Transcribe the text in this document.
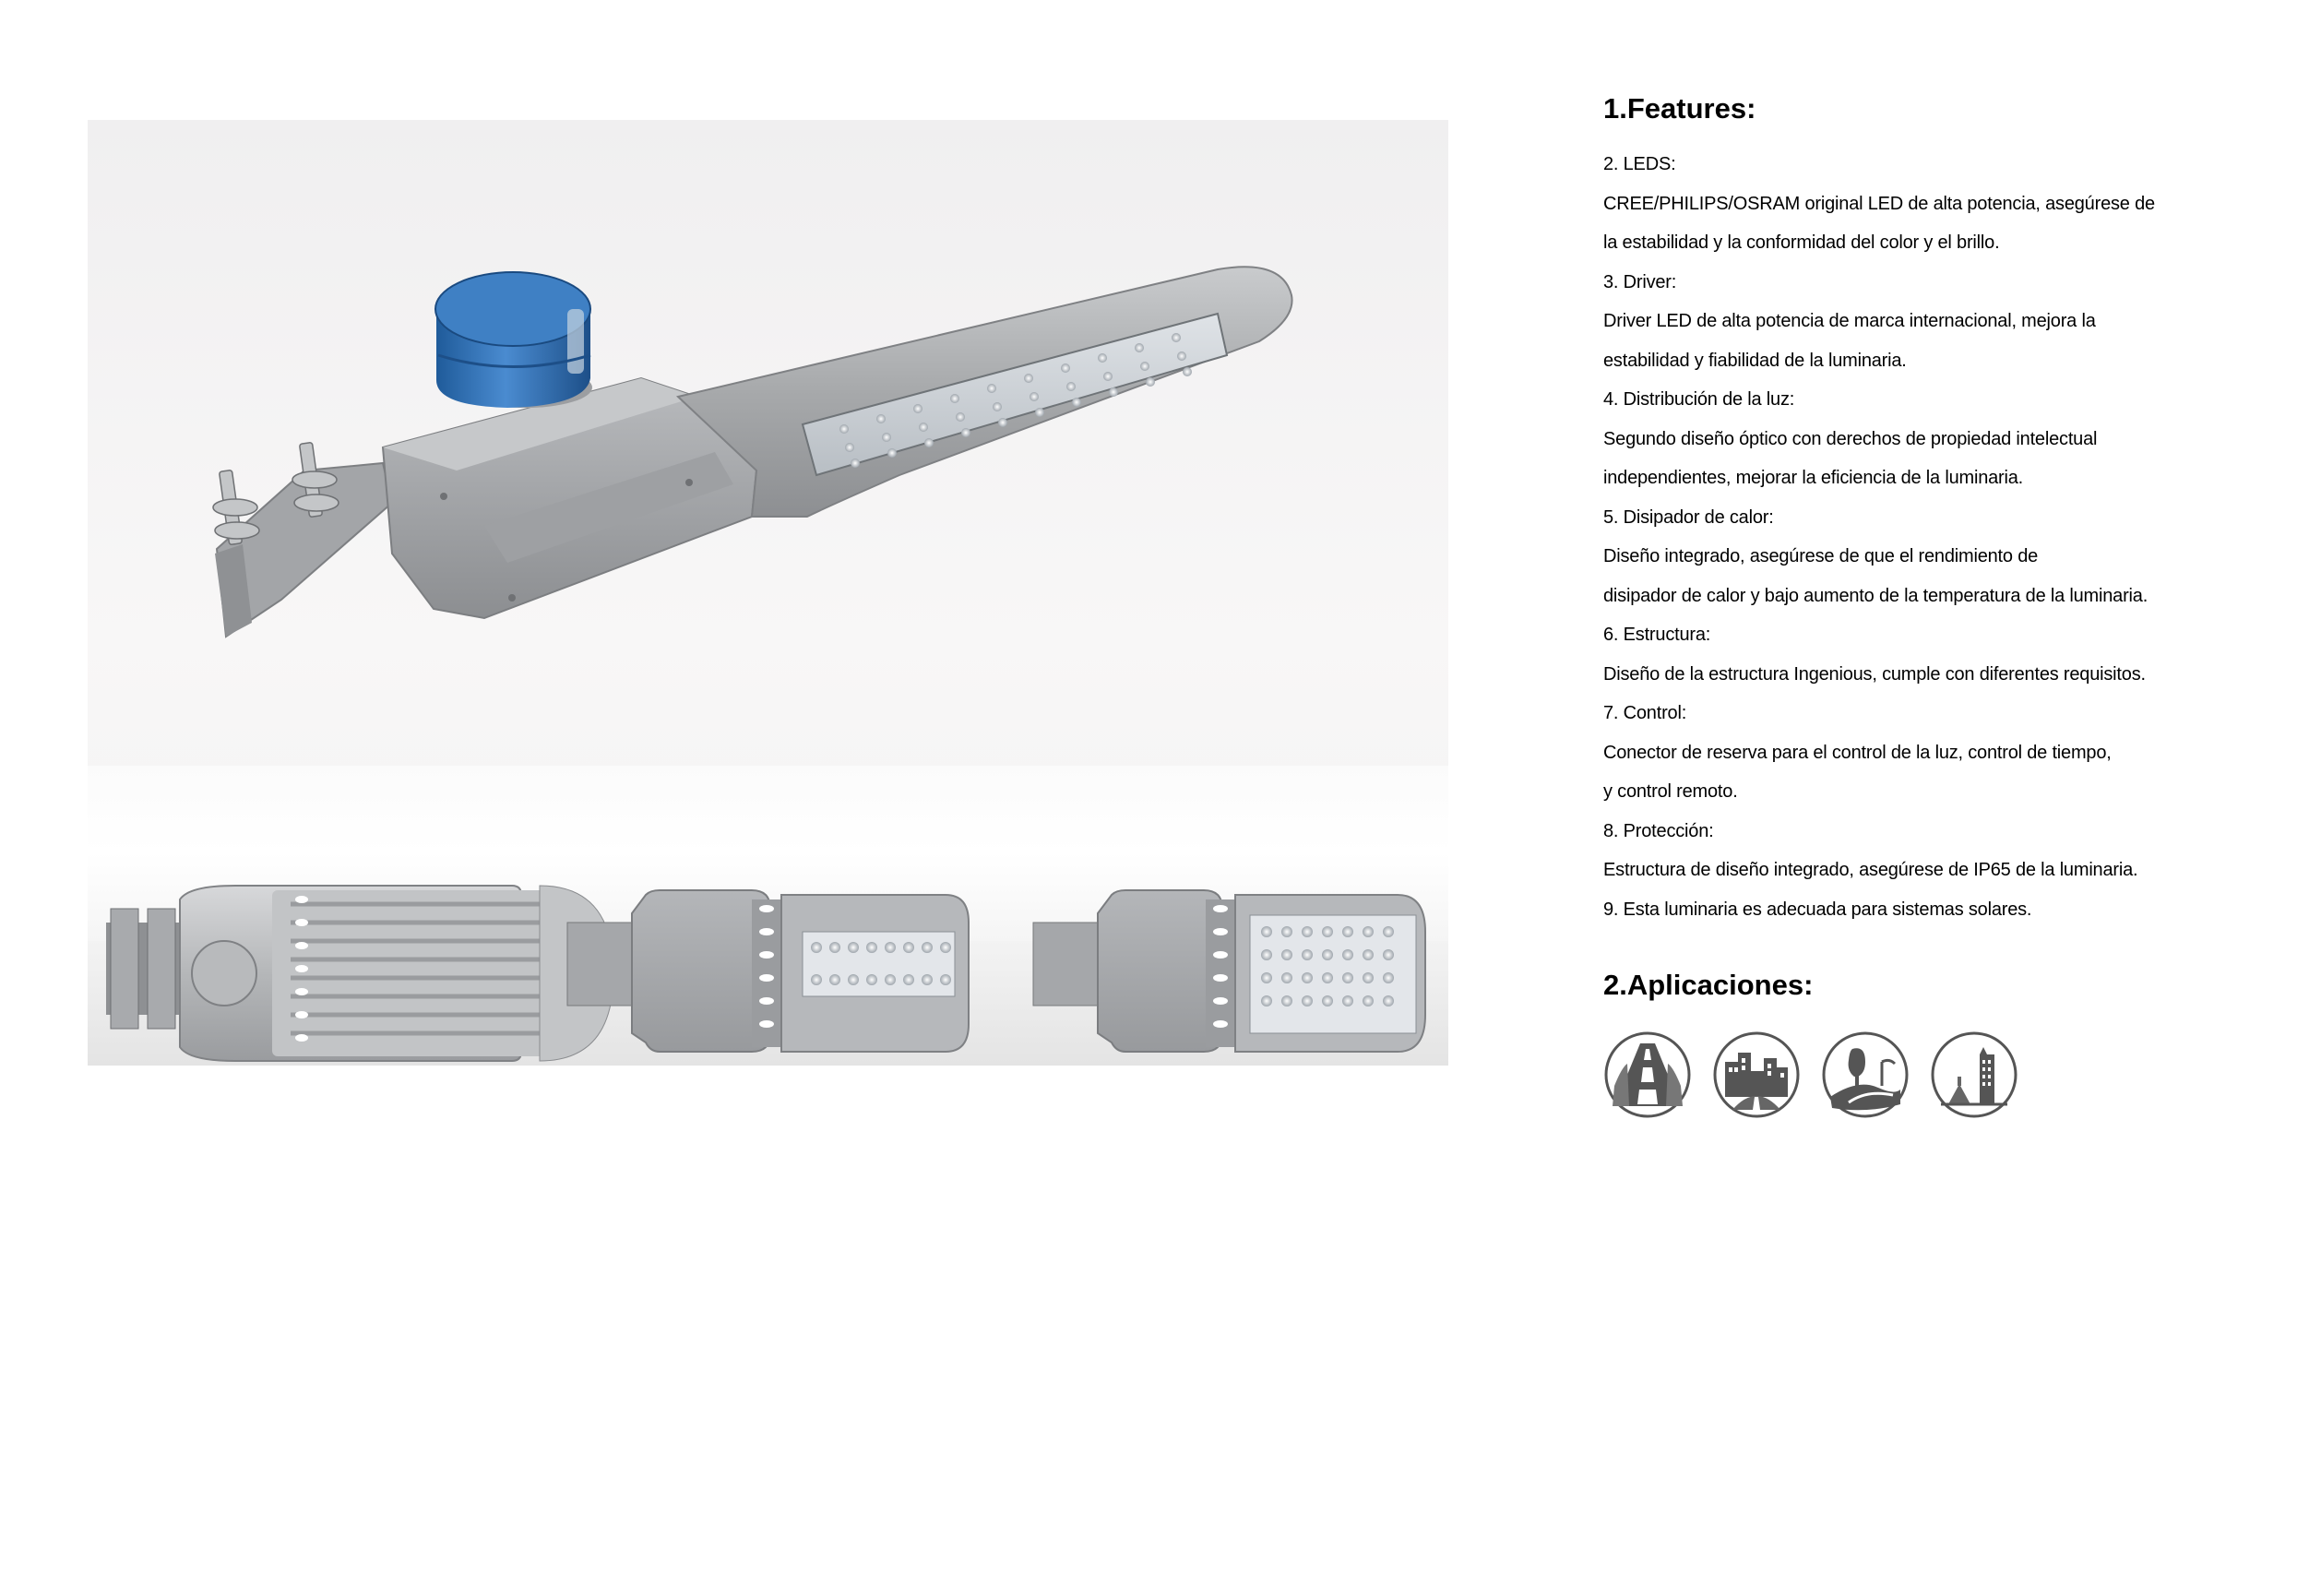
1.Features:
2. LEDS:
CREE/PHILIPS/OSRAM original LED de alta potencia, asegúrese de
la estabilidad y la conformidad del color y el brillo.
3. Driver:
Driver LED de alta potencia de marca internacional, mejora la
estabilidad y fiabilidad de la luminaria.
4. Distribución de la luz:
Segundo diseño óptico con derechos de propiedad intelectual
independientes, mejorar la eficiencia de la luminaria.
5. Disipador de calor:
Diseño integrado, asegúrese de que el rendimiento de
disipador de calor y bajo aumento de la temperatura de la luminaria.
6. Estructura:
Diseño de la estructura Ingenious, cumple con diferentes requisitos.
7. Control:
Conector de reserva para el control de la luz, control de tiempo,
y control remoto.
8. Protección:
Estructura de diseño integrado, asegúrese de IP65 de la luminaria.
9. Esta luminaria es adecuada para sistemas solares.
2.Aplicaciones:
